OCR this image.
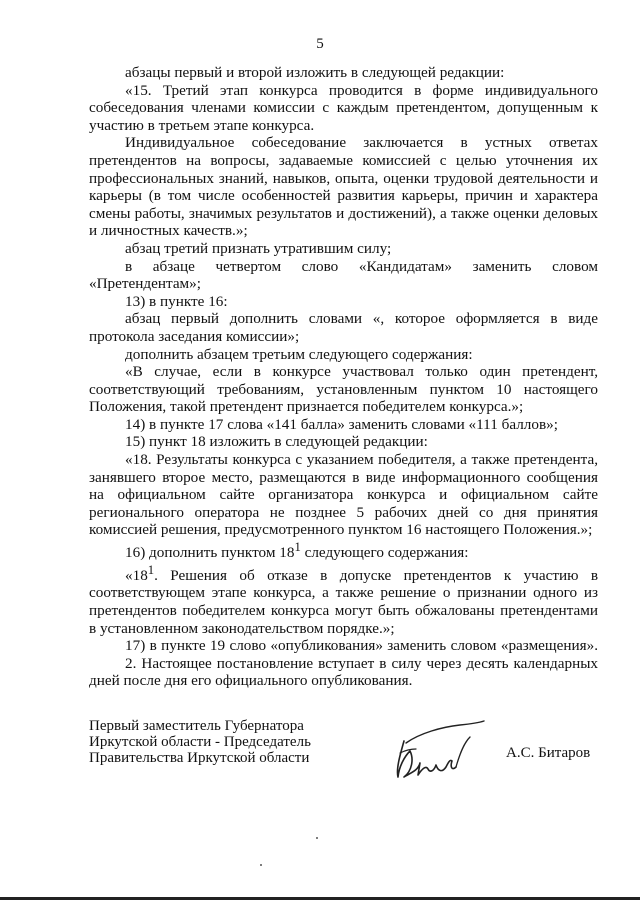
5

абзацы первый и второй изложить в следующей редакции:

«15. Третий этап конкурса проводится в форме индивидуального собеседования членами комиссии с каждым претендентом, допущенным к участию в третьем этапе конкурса.

Индивидуальное собеседование заключается в устных ответах претендентов на вопросы, задаваемые комиссией с целью уточнения их профессиональных знаний, навыков, опыта, оценки трудовой деятельности и карьеры (в том числе особенностей развития карьеры, причин и характера смены работы, значимых результатов и достижений), а также оценки деловых и личностных качеств.»;

абзац третий признать утратившим силу;

в абзаце четвертом слово «Кандидатам» заменить словом «Претендентам»;

13) в пункте 16:

абзац первый дополнить словами «, которое оформляется в виде протокола заседания комиссии»;

дополнить абзацем третьим следующего содержания:

«В случае, если в конкурсе участвовал только один претендент, соответствующий требованиям, установленным пунктом 10 настоящего Положения, такой претендент признается победителем конкурса.»;

14) в пункте 17 слова «141 балла» заменить словами «111 баллов»;

15) пункт 18 изложить в следующей редакции:

«18. Результаты конкурса с указанием победителя, а также претендента, занявшего второе место, размещаются в виде информационного сообщения на официальном сайте организатора конкурса и официальном сайте регионального оператора не позднее 5 рабочих дней со дня принятия комиссией решения, предусмотренного пунктом 16 настоящего Положения.»;

16) дополнить пунктом $18^1$ следующего содержания:

«$18^1$. Решения об отказе в допуске претендентов к участию в соответствующем этапе конкурса, а также решение о признании одного из претендентов победителем конкурса могут быть обжалованы претендентами в установленном законодательством порядке.»;

17) в пункте 19 слово «опубликования» заменить словом «размещения».

2. Настоящее постановление вступает в силу через десять календарных дней после дня его официального опубликования.

Первый заместитель Губернатора
Иркутской области - Председатель
Правительства Иркутской области	А.С. Битаров
